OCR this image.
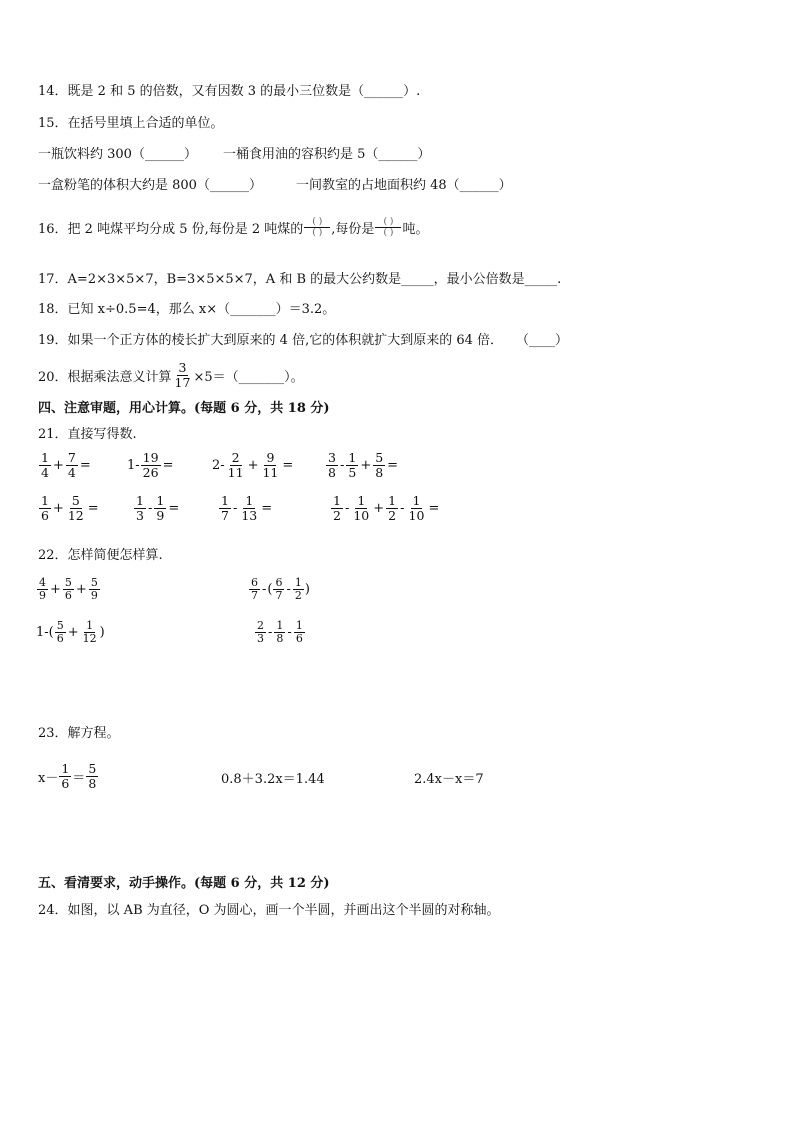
14．既是 2 和 5 的倍数，又有因数 3 的最小三位数是（______）.
15．在括号里填上合适的单位。
一瓶饮料约 300（______） 一桶食用油的容积约是 5（______）
一盒粉笔的体积大约是 800（______）	一间教室的占地面积约 48（______）
16．把 2 吨煤平均分成 5 份,每份是 2 吨煤的 $\frac{( )}{( )}$ ,每份是 $\frac{( )}{( )}$ 吨。
17．A=2×3×5×7，B=3×5×5×7，A 和 B 的最大公约数是_____，最小公倍数是_____.
18．已知 x÷0.5=4，那么 x×（_______）＝3.2。
19．如果一个正方体的棱长扩大到原来的 4 倍,它的体积就扩大到原来的 64 倍．　　（____）
20．根据乘法意义计算 $\frac{3}{17}$ ×5＝（_______）。
四、注意审题，用心计算。(每题 6 分，共 18 分)
21．直接写得数.
$\frac{1}{4} + \frac{7}{4}$ =	$1- \frac{19}{26}$ =	$2- \frac{2}{11} + \frac{9}{11}$ =	$\frac{3}{8} - \frac{1}{5} + \frac{5}{8}$ =
$\frac{1}{6} + \frac{5}{12}$ =	$\frac{1}{3} - \frac{1}{9}$ =	$\frac{1}{7} - \frac{1}{13}$ =	$\frac{1}{2} - \frac{1}{10} + \frac{1}{2} - \frac{1}{10}$ =
22．怎样简便怎样算.
$\frac{4}{9} + \frac{5}{6} + \frac{5}{9}$	$\frac{6}{7}$ - ( $\frac{6}{7} - \frac{1}{2}$ )
$1-( \frac{5}{6} + \frac{1}{12}$ )	$\frac{2}{3} - \frac{1}{8} - \frac{1}{6}$
23．解方程。
$x- \frac{1}{6} = \frac{5}{8}$	0.8＋3.2x＝1.44	2.4x－x＝7
五、看清要求，动手操作。(每题 6 分，共 12 分)
24．如图，以 AB 为直径，O 为圆心，画一个半圆，并画出这个半圆的对称轴。
